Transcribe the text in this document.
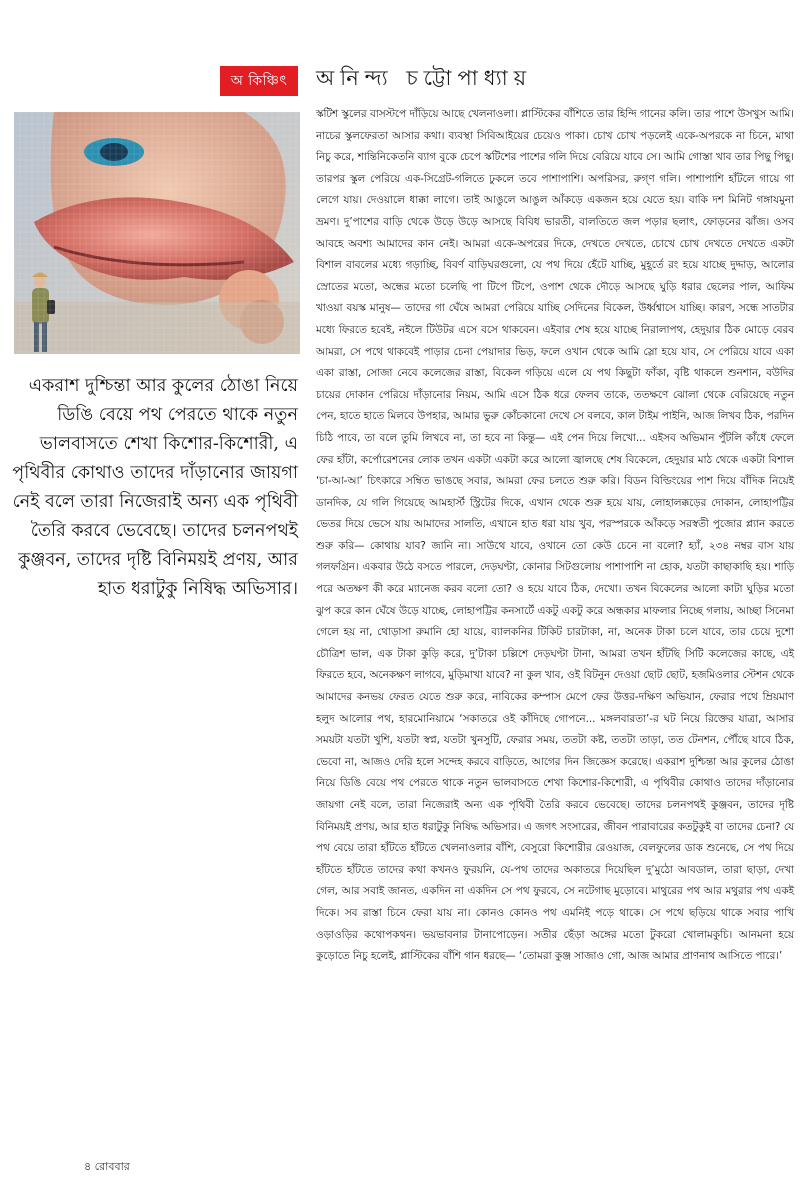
অ কিঞ্চিৎ	অনিন্দ্য চট্টোপাধ্যায়

একরাশ দুশ্চিন্তা আর কুলের ঠোঙা নিয়ে ডিঙি বেয়ে পথ পেরতে থাকে নতুন ভালবাসতে শেখা কিশোর-কিশোরী, এ পৃথিবীর কোথাও তাদের দাঁড়ানোর জায়গা নেই বলে তারা নিজেরাই অন্য এক পৃথিবী তৈরি করবে ভেবেছে। তাদের চলনপথই কুঞ্জবন, তাদের দৃষ্টি বিনিময়ই প্রণয়, আর হাত ধরাটুকু নিষিদ্ধ অভিসার।

স্কটিশ স্কুলের বাসস্টপে দাঁড়িয়ে আছে খেলনাওলা। প্লাস্টিকের বাঁশিতে তার হিন্দি গানের কলি। তার পাশে উসখুস আমি। নাচের স্কুলফেরতা আসার কথা। ব্যবস্থা সিবিআইয়ের চেয়েও পাকা। চোখ চোখ পড়লেই একে-অপরকে না চিনে, মাথা নিচু করে, শান্তিনিকেতনি ব্যাগ বুকে চেপে স্কটিশের পাশের গলি দিয়ে বেরিয়ে যাবে সে। আমি গোস্তা খাব তার পিছু পিছু। তারপর স্কুল পেরিয়ে এক-সিগ্রেট-গলিতে ঢুকলে তবে পাশাপাশি। অপরিসর, রুগ্ণ গলি। পাশাপাশি হাঁটলে গায়ে গা লেগে যায়। দেওয়ালে ধাক্কা লাগে। তাই আঙুলে আঙুল আঁকড়ে একজন হয়ে যেতে হয়। বাকি দশ মিনিট গঙ্গাযমুনা ভ্রমণ। দু’পাশের বাড়ি থেকে উড়ে উড়ে আসছে বিবিধ ভারতী, বালতিতে জল পড়ার ছলাৎ, ফোড়নের ঝাঁজ। ওসব আবহে অবশ্য আমাদের কান নেই। আমরা একে-অপরের দিকে, দেখতে দেখতে, চোখে চোখ দেখতে দেখতে একটা বিশাল বাবলের মধ্যে গড়াচ্ছি, বিবর্ণ বাড়িঘরগুলো, যে পথ দিয়ে হেঁটে যাচ্ছি, মুহূর্তে রং হয়ে যাচ্ছে দুদ্দাড়, আলোর স্রোতের মতো, অন্ধের মতো চলেছি পা টিপে টিপে, ওপাশ থেকে দৌড়ে আসছে ঘুড়ি ধরার ছেলের পাল, আফিম খাওয়া বয়স্ক মানুষ— তাদের গা ঘেঁষে আমরা পেরিয়ে যাচ্ছি সেদিনের বিকেল, উর্ধ্বশ্বাসে যাচ্ছি। কারণ, সন্ধে সাতটার মধ্যে ফিরতে হবেই, নইলে টিউটর এসে বসে থাকবেন। এইবার শেষ হয়ে যাচ্ছে নিরালাপথ, হেদুয়ার ঠিক মোড়ে বেরব আমরা, সে পথে থাকবেই পাড়ার চেনা পেয়াদার ভিড়, ফলে ওখান থেকে আমি স্লো হয়ে যাব, সে পেরিয়ে যাবে একা একা রাস্তা, সোজা নেবে কলেজের রাস্তা, বিকেল গড়িয়ে এলে যে পথ কিছুটা ফাঁকা, বৃষ্টি থাকলে শুনশান, বউদির চায়ের দোকান পেরিয়ে দাঁড়ানোর নিয়ম, আমি এসে ঠিক ধরে ফেলব তাকে, ততক্ষণে ঝোলা থেকে বেরিয়েছে নতুন পেন, হাতে হাতে মিলবে উপহার, আমার ভুরু কোঁচকানো দেখে সে বলবে, কাল টাইম পাইনি, আজ লিখব ঠিক, পরদিন চিঠি পাবে, তা বলে তুমি লিখবে না, তা হবে না কিন্তু— এই পেন দিয়ে লিখো... এইসব অভিমান পুঁটলি কাঁধে ফেলে ফের হাঁটা, কর্পোরেশনের লোক তখন একটা একটা করে আলো জ্বালছে শেষ বিকেলে, হেদুয়ার মাঠ থেকে একটা বিশাল ‘চা-আ-আ’ চিৎকারে সম্বিত ভাঙছে সবার, আমরা ফের চলতে শুরু করি। বিডন বিল্ডিংয়ের পাশ দিয়ে বাঁদিক নিয়েই ডানদিক, যে গলি গিয়েছে আমহার্স্ট স্ট্রিটের দিকে, এখান থেকে শুরু হয়ে যায়, লোহালক্কড়ের দোকান, লোহাপট্টির ভেতর দিয়ে ভেসে যায় আমাদের সালতি, এখানে হাত ধরা যায় খুব, পরস্পরকে আঁকড়ে সরস্বতী পুজোর প্ল্যান করতে শুরু করি— কোথায় যাব? জানি না। সাউথে যাবে, ওখানে তো কেউ চেনে না বলো? হ্যাঁ, ২৩৪ নম্বর বাস যায় গলফগ্রিন। একবার উঠে বসতে পারলে, দেড়ঘণ্টা, কোনার সিটগুলোয় পাশাপাশি না হোক, যতটা কাছাকাছি হয়। শাড়ি পরে অতক্ষণ কী করে ম্যানেজ করব বলো তো? ও হয়ে যাবে ঠিক, দেখো। তখন বিকেলের আলো কাটা ঘুড়ির মতো ঝুপ করে কান ঘেঁষে উড়ে যাচ্ছে, লোহাপট্টির কনসার্টে একটু একটু করে অন্ধকার মাফলার নিচ্ছে গলায়, আচ্ছা সিনেমা গেলে হয় না, থোড়াসা রুমানি হো যায়ে, ব্যালকনির টিকিট চারটাকা, না, অনেক টাকা চলে যাবে, তার চেয়ে দুশো চৌত্রিশ ভাল, এক টাকা কুড়ি করে, দু’টাকা চল্লিশে দেড়ঘণ্টা টানা, আমরা তখন হাঁটছি সিটি কলেজের কাছে, এই ফিরতে হবে, অনেকক্ষণ লাগবে, মুড়িমাখা যাবে? না কুল খাব, ওই বিটনুন দেওয়া ছোট ছোট, হজমিওলার স্টেশন থেকে আমাদের কনভয় ফেরত যেতে শুরু করে, নাবিকের কম্পাস মেপে ফের উত্তর-দক্ষিণ অভিযান, ফেরার পথে ম্রিয়মাণ হলুদ আলোর পথ, হারমোনিয়ামে ‘সকাতরে ওই কাঁদিছে গোপনে... মঙ্গলবারতা’-র ঘট নিয়ে রিক্তের যাত্রা, আসার সময়টা যতটা খুশি, যতটা স্বপ্ন, যতটা খুনসুটি, ফেরার সময়, ততটা কষ্ট, ততটা তাড়া, তত টেনশন, পৌঁছে যাবে ঠিক, ভেবো না, আজও দেরি হলে সন্দেহ করবে বাড়িতে, আগের দিন জিজ্ঞেস করেছে। একরাশ দুশ্চিন্তা আর কুলের ঠোঙা নিয়ে ডিঙি বেয়ে পথ পেরতে থাকে নতুন ভালবাসতে শেখা কিশোর-কিশোরী, এ পৃথিবীর কোথাও তাদের দাঁড়ানোর জায়গা নেই বলে, তারা নিজেরাই অন্য এক পৃথিবী তৈরি করবে ভেবেছে। তাদের চলনপথই কুঞ্জবন, তাদের দৃষ্টি বিনিময়ই প্রণয়, আর হাত ধরাটুকু নিষিদ্ধ অভিসার। এ জগৎ সংসারের, জীবন পারাবারের কতটুকুই বা তাদের চেনা? যে পথ বেয়ে তারা হাঁটতে হাঁটতে খেলনাওলার বাঁশি, বেসুরো কিশোরীর রেওয়াজ, বেলফুলের ডাক শুনেছে, সে পথ দিয়ে হাঁটতে হাঁটতে তাদের কথা কখনও ফুরয়নি, যে-পথ তাদের অকাতরে দিয়েছিল দু’মুঠো আবডাল, তারা ছাড়া, দেখা গেল, আর সবাই জানত, একদিন না একদিন সে পথ ফুরবে, সে নটেগাছ মুড়োবে। মাথুরের পথ আর মথুরার পথ একই দিকে। সব রাস্তা চিনে ফেরা যায় না। কোনও কোনও পথ এমনিই পড়ে থাকে। সে পথে ছড়িয়ে থাকে সবার পাখি ওড়াওড়ির কথোপকথন। ভয়ভাবনার টানাপোড়েন। সতীর ছেঁড়া অঙ্গের মতো টুকরো খোলামকুচি। আনমনা হয়ে কুড়োতে নিচু হলেই, প্লাস্টিকের বাঁশি গান ধরছে— ‘তোমরা কুঞ্জ সাজাও গো, আজ আমার প্রাণনাথ আসিতে পারে।’

৪ রোববার
